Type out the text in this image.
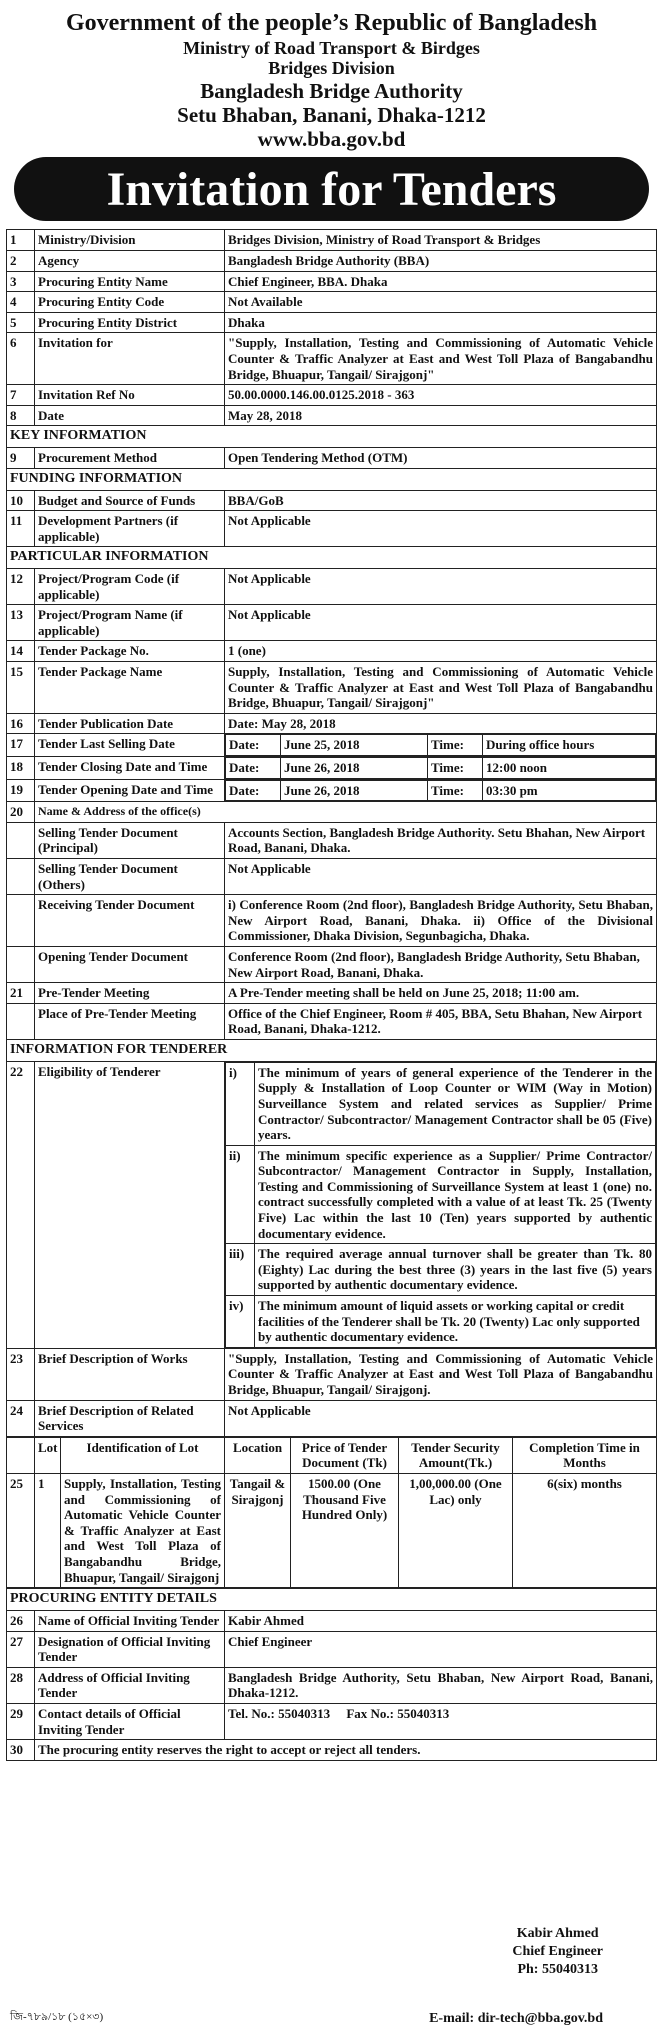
Government of the people’s Republic of Bangladesh
Ministry of Road Transport & Birdges
Bridges Division
Bangladesh Bridge Authority
Setu Bhaban, Banani, Dhaka-1212
www.bba.gov.bd
Invitation for Tenders
1	Ministry/Division	Bridges Division, Ministry of Road Transport & Bridges
2	Agency	Bangladesh Bridge Authority (BBA)
3	Procuring Entity Name	Chief Engineer, BBA. Dhaka
4	Procuring Entity Code	Not Available
5	Procuring Entity District	Dhaka
6	Invitation for	"Supply, Installation, Testing and Commissioning of Automatic Vehicle Counter & Traffic Analyzer at East and West Toll Plaza of Bangabandhu Bridge, Bhuapur, Tangail/ Sirajgonj"
7	Invitation Ref No	50.00.0000.146.00.0125.2018 - 363
8	Date	May 28, 2018
KEY INFORMATION
9	Procurement Method	Open Tendering Method (OTM)
FUNDING INFORMATION
10	Budget and Source of Funds	BBA/GoB
11	Development Partners (if applicable)	Not Applicable
PARTICULAR INFORMATION
12	Project/Program Code (if applicable)	Not Applicable
13	Project/Program Name (if applicable)	Not Applicable
14	Tender Package No.	1 (one)
15	Tender Package Name	Supply, Installation, Testing and Commissioning of Automatic Vehicle Counter & Traffic Analyzer at East and West Toll Plaza of Bangabandhu Bridge, Bhuapur, Tangail/ Sirajgonj"
16	Tender Publication Date	Date: May 28, 2018
17	Tender Last Selling Date		Date:	June 25, 2018	Time:	During office hours

18	Tender Closing Date and Time	Date:	June 26, 2018	Time:	12:00 noon

19	Tender Opening Date and Time	Date:	June 26, 2018	Time:	03:30 pm

20	Name & Address of the office(s)
	Selling Tender Document (Principal)	Accounts Section, Bangladesh Bridge Authority. Setu Bhahan, New Airport Road, Banani, Dhaka.
	Selling Tender Document (Others)	Not Applicable
	Receiving Tender Document	i) Conference Room (2nd floor), Bangladesh Bridge Authority, Setu Bhaban, New Airport Road, Banani, Dhaka. ii) Office of the Divisional Commissioner, Dhaka Division, Segunbagicha, Dhaka.
	Opening Tender Document	Conference Room (2nd floor), Bangladesh Bridge Authority, Setu Bhaban, New Airport Road, Banani, Dhaka.
21	Pre-Tender Meeting	A Pre-Tender meeting shall be held on June 25, 2018; 11:00 am.
	Place of Pre-Tender Meeting	Office of the Chief Engineer, Room # 405, BBA, Setu Bhahan, New Airport Road, Banani, Dhaka-1212.
INFORMATION FOR TENDERER
22	Eligibility of Tenderer		i)	The minimum of years of general experience of the Tenderer in the Supply & Installation of Loop Counter or WIM (Way in Motion) Surveillance System and related services as Supplier/ Prime Contractor/ Subcontractor/ Management Contractor shall be 05 (Five) years.
ii)	The minimum specific experience as a Supplier/ Prime Contractor/ Subcontractor/ Management Contractor in Supply, Installation, Testing and Commissioning of Surveillance System at least 1 (one) no. contract successfully completed with a value of at least Tk. 25 (Twenty Five) Lac within the last 10 (Ten) years supported by authentic documentary evidence.
iii)	The required average annual turnover shall be greater than Tk. 80 (Eighty) Lac during the best three (3) years in the last five (5) years supported by authentic documentary evidence.
iv)	The minimum amount of liquid assets or working capital or credit facilities of the Tenderer shall be Tk. 20 (Twenty) Lac only supported by authentic documentary evidence.

23	Brief Description of Works	"Supply, Installation, Testing and Commissioning of Automatic Vehicle Counter & Traffic Analyzer at East and West Toll Plaza of Bangabandhu Bridge, Bhuapur, Tangail/ Sirajgonj.
24	Brief Description of Related Services	Not Applicable
	Lot	Identification of Lot	Location	Price of Tender Document (Tk)	Tender Security Amount(Tk.)	Completion Time in Months
25	1	Supply, Installation, Testing and Commissioning of Automatic Vehicle Counter & Traffic Analyzer at East and West Toll Plaza of Bangabandhu Bridge, Bhuapur, Tangail/ Sirajgonj	Tangail & Sirajgonj	1500.00 (One Thousand Five Hundred Only)	1,00,000.00 (One Lac) only	6(six) months
PROCURING ENTITY DETAILS		
26	Name of Official Inviting Tender	Kabir Ahmed
27	Designation of Official Inviting Tender	Chief Engineer
28	Address of Official Inviting Tender	Bangladesh Bridge Authority, Setu Bhaban, New Airport Road, Banani, Dhaka-1212.
29	Contact details of Official Inviting Tender	Tel. No.: 55040313 Fax No.: 55040313
30	The procuring entity reserves the right to accept or reject all tenders.	
Kabir Ahmed
Chief Engineer
Ph: 55040313
E-mail: dir-tech@bba.gov.bd
জি-৭৮৯/১৮ (১৫×৩)
